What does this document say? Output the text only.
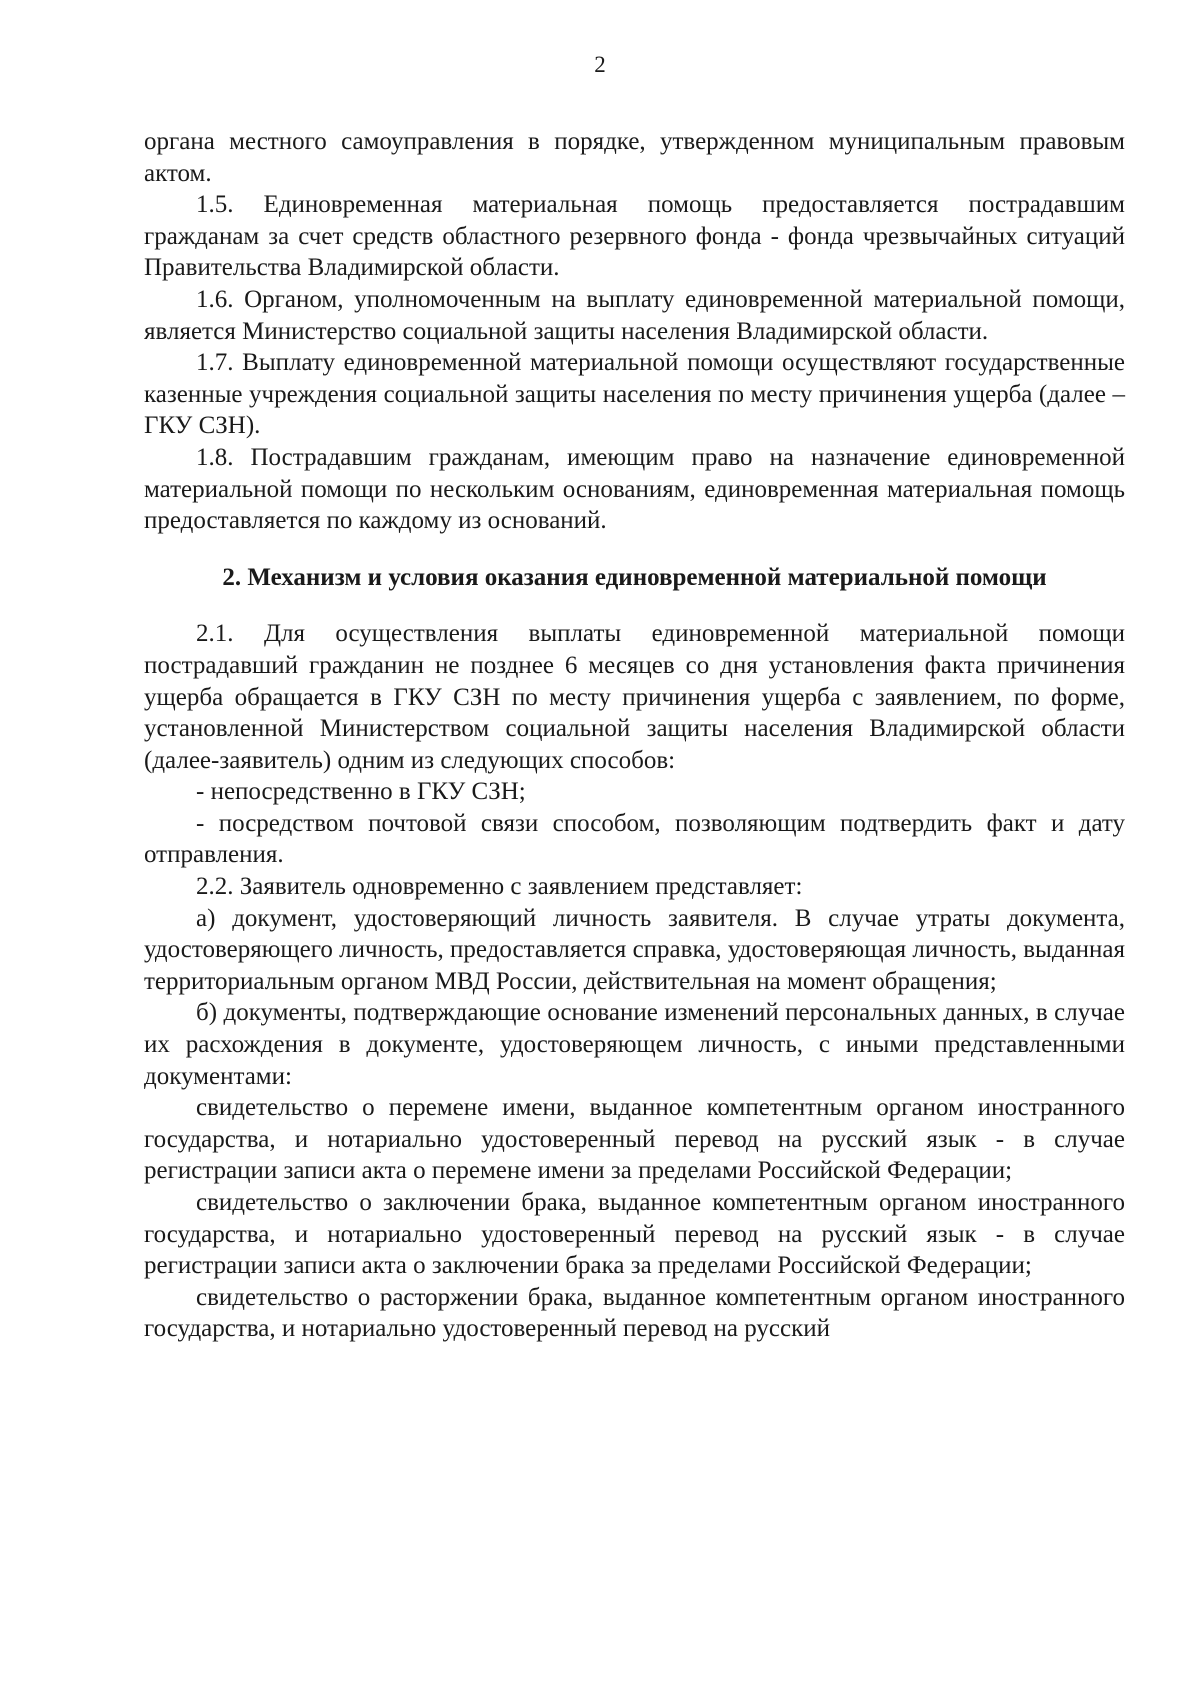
2

органа местного самоуправления в порядке, утвержденном муниципальным правовым актом.

1.5. Единовременная материальная помощь предоставляется пострадавшим гражданам за счет средств областного резервного фонда - фонда чрезвычайных ситуаций Правительства Владимирской области.

1.6. Органом, уполномоченным на выплату единовременной материальной помощи, является Министерство социальной защиты населения Владимирской области.

1.7. Выплату единовременной материальной помощи осуществляют государственные казенные учреждения социальной защиты населения по месту причинения ущерба (далее – ГКУ СЗН).

1.8. Пострадавшим гражданам, имеющим право на назначение единовременной материальной помощи по нескольким основаниям, единовременная материальная помощь предоставляется по каждому из оснований.

2. Механизм и условия оказания единовременной материальной помощи

2.1. Для осуществления выплаты единовременной материальной помощи пострадавший гражданин не позднее 6 месяцев со дня установления факта причинения ущерба обращается в ГКУ СЗН по месту причинения ущерба с заявлением, по форме, установленной Министерством социальной защиты населения Владимирской области (далее-заявитель) одним из следующих способов:

- непосредственно в ГКУ СЗН;

- посредством почтовой связи способом, позволяющим подтвердить факт и дату отправления.

2.2. Заявитель одновременно с заявлением представляет:

а) документ, удостоверяющий личность заявителя. В случае утраты документа, удостоверяющего личность, предоставляется справка, удостоверяющая личность, выданная территориальным органом МВД России, действительная на момент обращения;

б) документы, подтверждающие основание изменений персональных данных, в случае их расхождения в документе, удостоверяющем личность, с иными представленными документами:

свидетельство о перемене имени, выданное компетентным органом иностранного государства, и нотариально удостоверенный перевод на русский язык - в случае регистрации записи акта о перемене имени за пределами Российской Федерации;

свидетельство о заключении брака, выданное компетентным органом иностранного государства, и нотариально удостоверенный перевод на русский язык - в случае регистрации записи акта о заключении брака за пределами Российской Федерации;

свидетельство о расторжении брака, выданное компетентным органом иностранного государства, и нотариально удостоверенный перевод на русский
